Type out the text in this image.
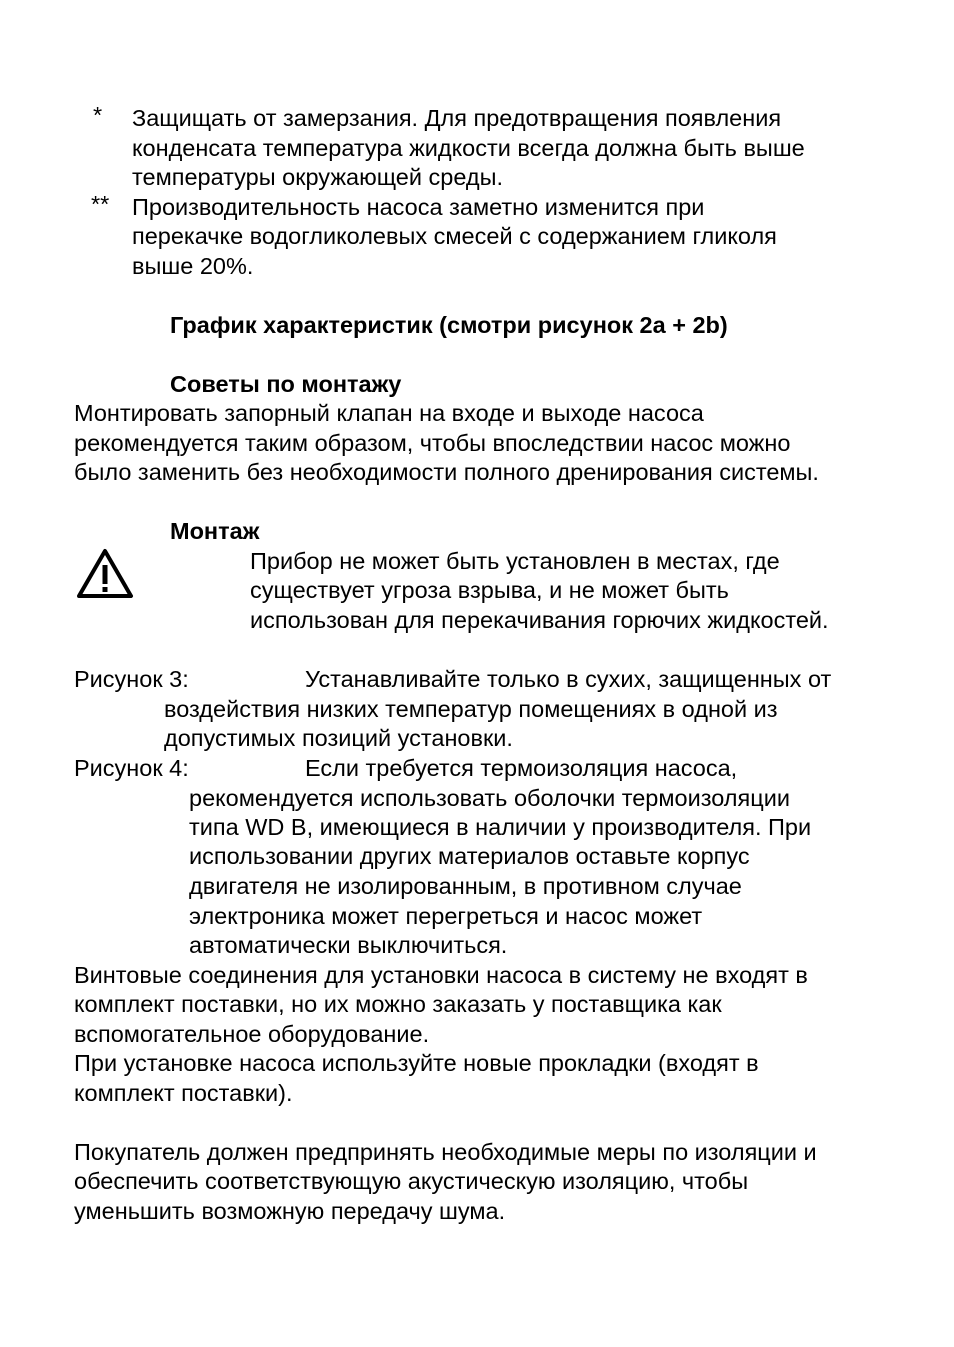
* Защищать от замерзания. Для предотвращения появления

конденсата температура жидкости всегда должна быть выше

температуры окружающей среды.

** Производительность насоса заметно изменится при

перекачке водогликолевых смесей с содержанием гликоля

выше 20%.

График характеристик (смотри рисунок 2a + 2b)

Советы по монтажу

Монтировать запорный клапан на входе и выходе насоса

рекомендуется таким образом, чтобы впоследствии насос можно

было заменить без необходимости полного дренирования системы.

Монтаж

Прибор не может быть установлен в местах, где

существует угроза взрыва, и не может быть

использован для перекачивания горючих жидкостей.

Рисунок 3:	Устанавливайте только в сухих, защищенных от

воздействия низких температур помещениях в одной из

допустимых позиций установки.

Рисунок 4:	Если требуется термоизоляция насоса,

рекомендуется использовать оболочки термоизоляции

типа WD B, имеющиеся в наличии у производителя. При

использовании других материалов оставьте корпус

двигателя не изолированным, в противном случае

электроника может перегреться и насос может

автоматически выключиться.

Винтовые соединения для установки насоса в систему не входят в

комплект поставки, но их можно заказать у поставщика как

вспомогательное оборудование.

При установке насоса используйте новые прокладки (входят в

комплект поставки).

Покупатель должен предпринять необходимые меры по изоляции и

обеспечить соответствующую акустическую изоляцию, чтобы

уменьшить возможную передачу шума.
